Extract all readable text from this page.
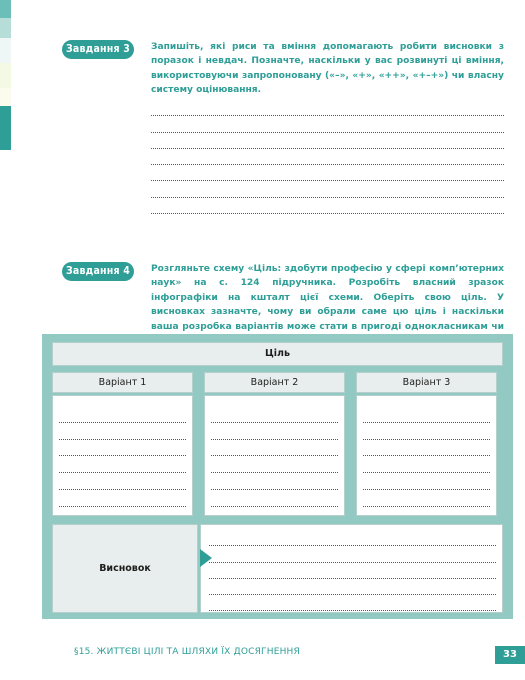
Завдання 3	Запишіть, які риси та вміння допомагають робити висновки з поразок і невдач. Позначте, наскільки у вас розвинуті ці вміння, використовуючи запропоновану («–», «+», «++», «+–+») чи власну систему оцінювання.
Завдання 4	Розгляньте схему «Ціль: здобути професію у сфері комп’ютерних наук» на с. 124 підручника. Розробіть власний зразок інфографіки на кшталт цієї схеми. Оберіть свою ціль. У висновках зазначте, чому ви обрали саме цю ціль і наскільки ваша розробка варіантів може стати в пригоді однокласникам чи
Ціль
Варіант 1	Варіант 2	Варіант 3
Висновок
§15. ЖИТТЄВІ ЦІЛІ ТА ШЛЯХИ ЇХ ДОСЯГНЕННЯ	33
